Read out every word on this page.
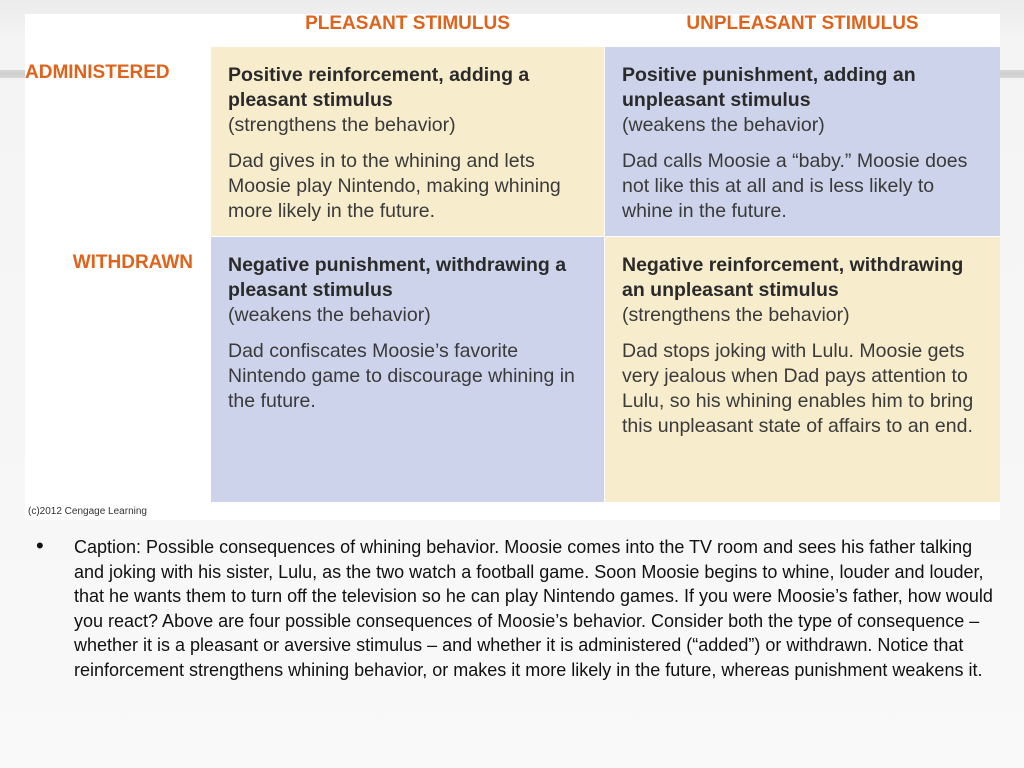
PLEASANT STIMULUS	UNPLEASANT STIMULUS
ADMINISTERED
WITHDRAWN
Positive reinforcement, adding a pleasant stimulus
(strengthens the behavior)
Dad gives in to the whining and lets Moosie play Nintendo, making whining more likely in the future.
Positive punishment, adding an unpleasant stimulus
(weakens the behavior)
Dad calls Moosie a “baby.” Moosie does not like this at all and is less likely to whine in the future.
Negative punishment, withdrawing a pleasant stimulus
(weakens the behavior)
Dad confiscates Moosie’s favorite Nintendo game to discourage whining in the future.
Negative reinforcement, withdrawing an unpleasant stimulus
(strengthens the behavior)
Dad stops joking with Lulu. Moosie gets very jealous when Dad pays attention to Lulu, so his whining enables him to bring this unpleasant state of affairs to an end.
(c)2012 Cengage Learning
• Caption: Possible consequences of whining behavior. Moosie comes into the TV room and sees his father talking and joking with his sister, Lulu, as the two watch a football game. Soon Moosie begins to whine, louder and louder, that he wants them to turn off the television so he can play Nintendo games. If you were Moosie’s father, how would you react? Above are four possible consequences of Moosie’s behavior. Consider both the type of consequence – whether it is a pleasant or aversive stimulus – and whether it is administered (“added”) or withdrawn. Notice that reinforcement strengthens whining behavior, or makes it more likely in the future, whereas punishment weakens it.
